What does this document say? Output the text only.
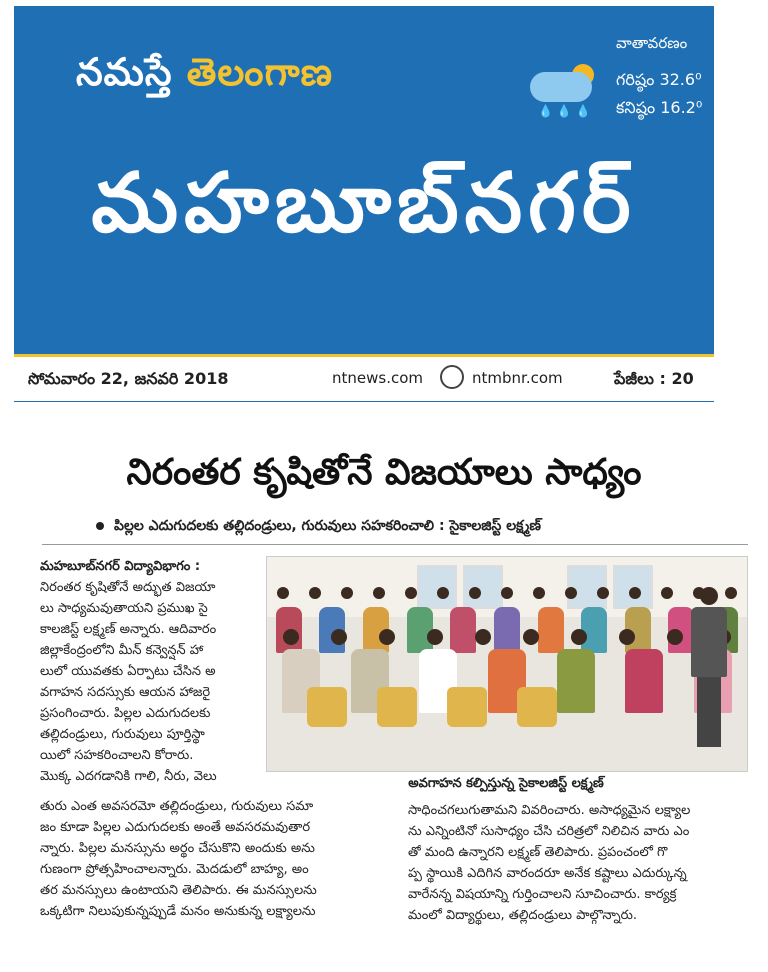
నమస్తే తెలంగాణ
💧 💧 💧
వాతావరణం
గరిష్ఠం 32.6⁰
కనిష్ఠం 16.2⁰
మహబూబ్‌నగర్
సోమవారం 22, జనవరి 2018	ntnews.com	ntmbnr.com	పేజీలు : 20
నిరంతర కృషితోనే విజయాలు సాధ్యం
పిల్లల ఎదుగుదలకు తల్లిదండ్రులు, గురువులు సహకరించాలి : సైకాలజిస్ట్ లక్ష్మణ్
మహబూబ్‌నగర్ విద్యావిభాగం :
నిరంతర కృషితోనే అద్భుత విజయా
లు సాధ్యమవుతాయని ప్రముఖ సై
కాలజిస్ట్ లక్ష్మణ్ అన్నారు. ఆదివారం
జిల్లాకేంద్రంలోని మీన్ కన్వెన్షన్ హా
లులో యువతకు ఏర్పాటు చేసిన అ
వగాహన సదస్సుకు ఆయన హాజరై
ప్రసంగించారు. పిల్లల ఎదుగుదలకు
తల్లిదండ్రులు, గురువులు పూర్తిస్థా
యిలో సహకరించాలని కోరారు.
మొక్క ఎదగడానికి గాలి, నీరు, వెలు	అవగాహన కల్పిస్తున్న సైకాలజిస్ట్ లక్ష్మణ్
తురు ఎంత అవసరమో తల్లిదండ్రులు, గురువులు సమా
జం కూడా పిల్లల ఎదుగుదలకు అంతే అవసరమవుతార
న్నారు. పిల్లల మనస్సును అర్థం చేసుకొని అందుకు అను
గుణంగా ప్రోత్సహించాలన్నారు. మెదడులో బాహ్య, అం
తర మనస్సులు ఉంటాయని తెలిపారు. ఈ మనస్సులను
ఒక్కటిగా నిలుపుకున్నప్పుడే మనం అనుకున్న లక్ష్యాలను
సాధించగలుగుతామని వివరించారు. అసాధ్యమైన లక్ష్యాల
ను ఎన్నింటినో సుసాధ్యం చేసి చరిత్రలో నిలిచిన వారు ఎం
తో మంది ఉన్నారని లక్ష్మణ్ తెలిపారు. ప్రపంచంలో గొ
ప్ప స్థాయికి ఎదిగిన వారందరూ అనేక కష్టాలు ఎదుర్కున్న
వారేనన్న విషయాన్ని గుర్తించాలని సూచించారు. కార్యక్ర
మంలో విద్యార్థులు, తల్లిదండ్రులు పాల్గొన్నారు.
